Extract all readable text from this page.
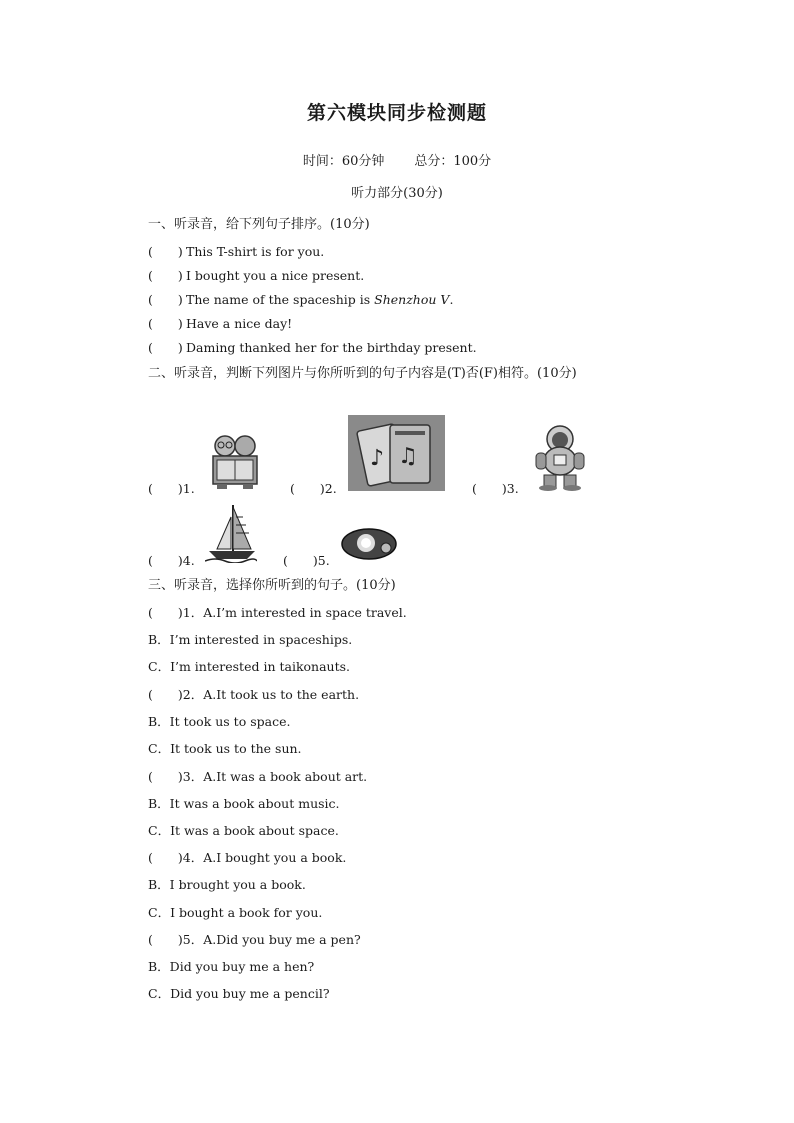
第六模块同步检测题
时间：60分钟 总分：100分
听力部分(30分)
一、听录音，给下列句子排序。(10分)
(　　) This T-shirt is for you.
(　　) I bought you a nice present.
(　　) The name of the spaceship is Shenzhou V.
(　　) Have a nice day!
(　　) Daming thanked her for the birthday present.
二、听录音，判断下列图片与你所听到的句子内容是(T)否(F)相符。(10分)
(　　)1.	(　　)2.
♪ ♫
(　　)3.
(　　)4.	(　　)5.
三、听录音，选择你所听到的句子。(10分)
(　　)1．A.I’m interested in space travel.
B．I’m interested in spaceships.
C．I’m interested in taikonauts.
(　　)2．A.It took us to the earth.
B．It took us to space.
C．It took us to the sun.
(　　)3．A.It was a book about art.
B．It was a book about music.
C．It was a book about space.
(　　)4．A.I bought you a book.
B．I brought you a book.
C．I bought a book for you.
(　　)5．A.Did you buy me a pen?
B．Did you buy me a hen?
C．Did you buy me a pencil?
